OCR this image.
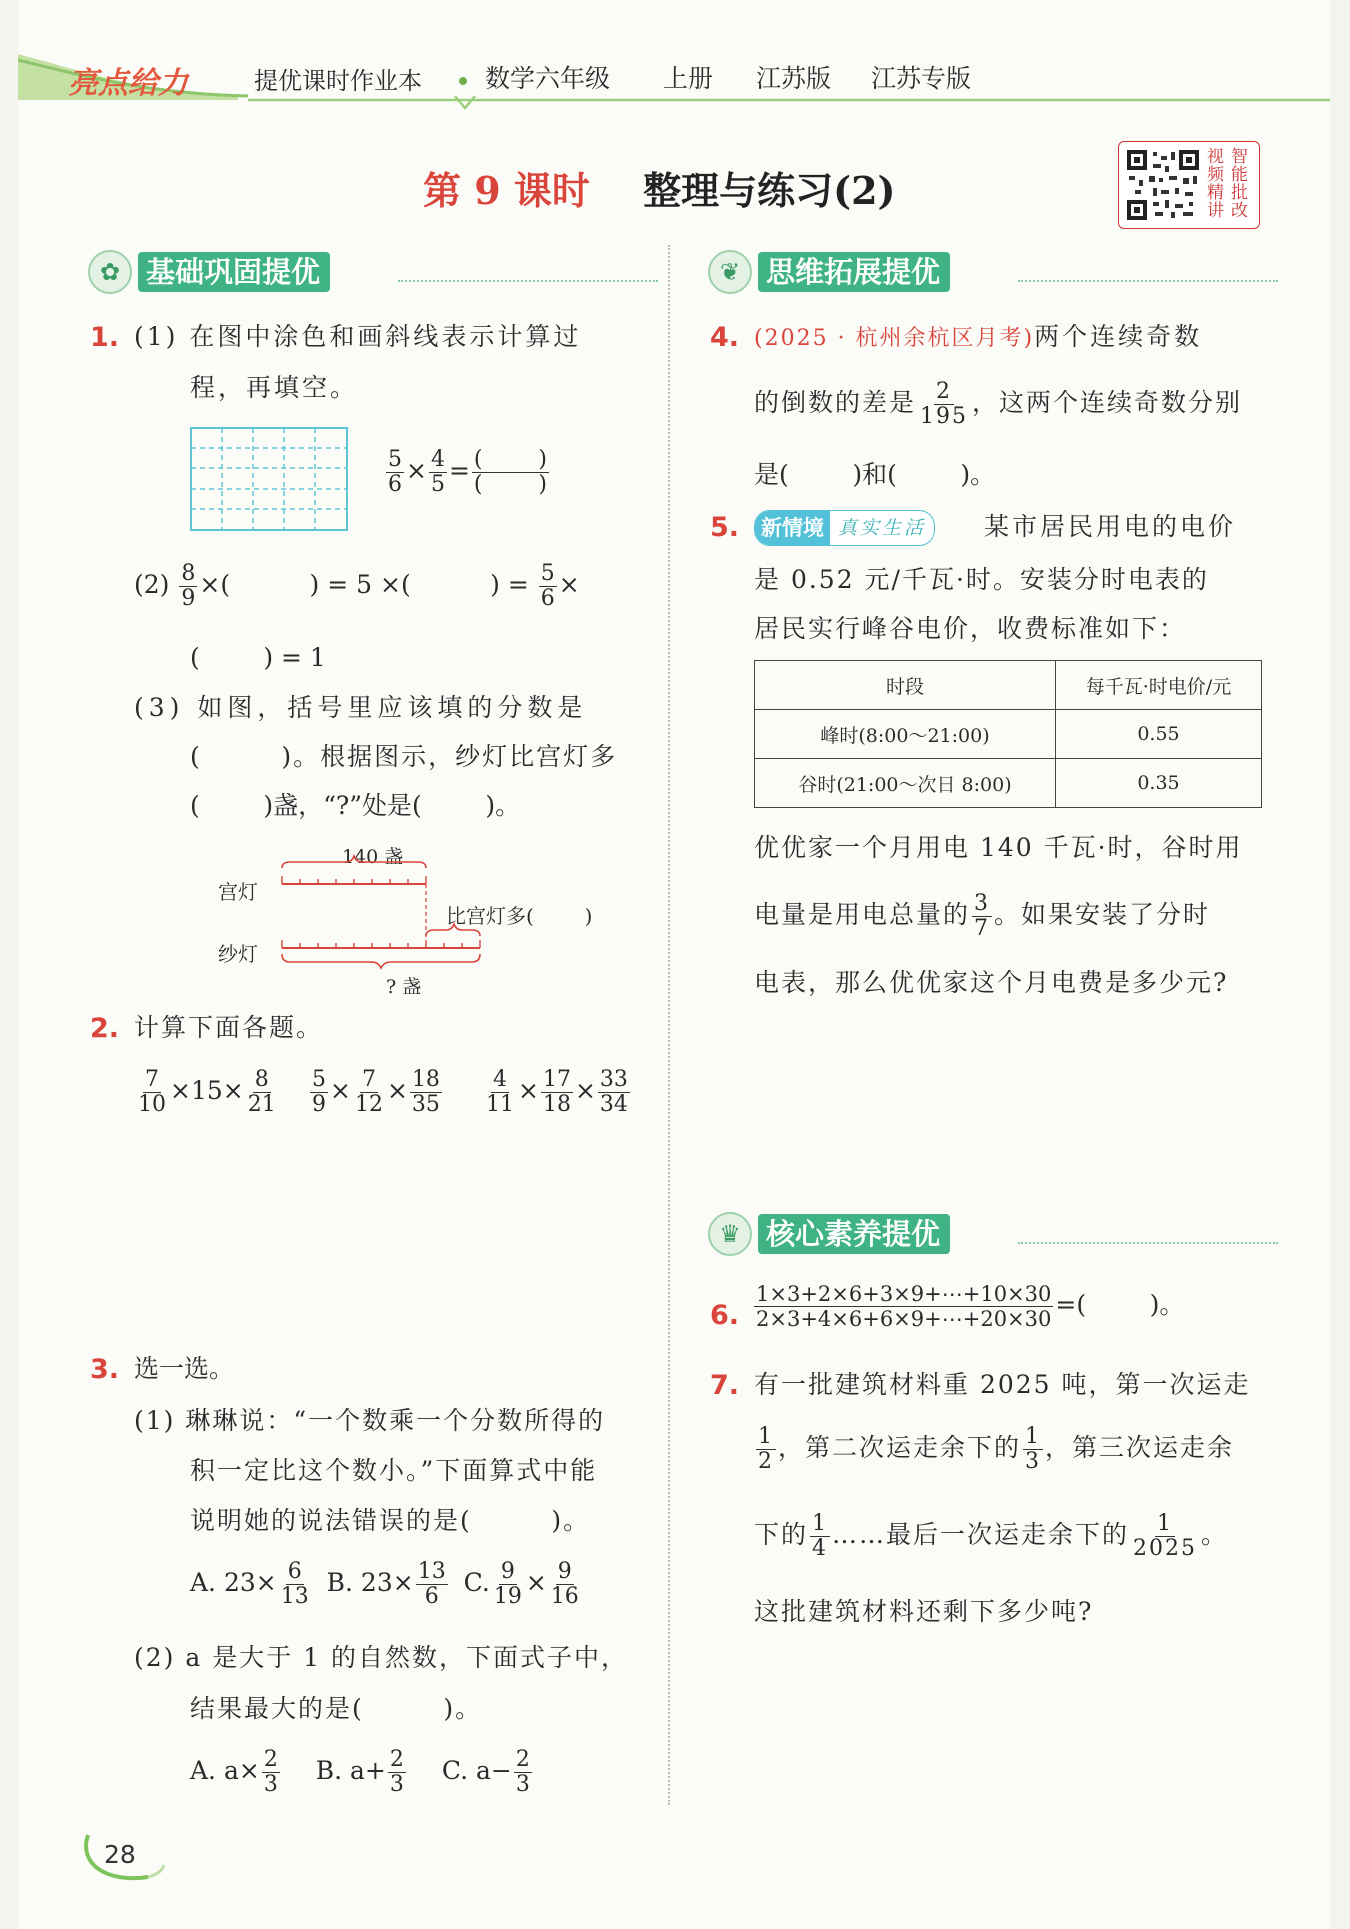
亮点给力	提优课时作业本	数学六年级 上册 江苏版 江苏专版
第 9 课时 整理与练习(2)
视 智
频 能
精 批
讲 改
✿ 基础巩固提优
1. (1) 在图中涂色和画斜线表示计算过
程，再填空。
$\frac{5}{6} \times \frac{4}{5} = \frac{( )}{( )}$
$(2) \frac{8}{9}$ ×(          ) = 5 ×(          ) = $\frac{5}{6}$ ×
(        ) = 1
(3) 如图，括号里应该填的分数是
(        )。根据图示，纱灯比宫灯多
(        )盏，“?”处是(        )。
140 盏
宫灯
纱灯
比宫灯多(        )
? 盏
2. 计算下面各题。
$\frac{7}{10} \times 15\times \frac{8}{21} \frac{5}{9} \times \frac{7}{12} \times \frac{18}{35} \frac{4}{11} \times \frac{17}{18} \times \frac{33}{34}$
3. 选一选。
(1) 琳琳说：“一个数乘一个分数所得的
积一定比这个数小。”下面算式中能
说明她的说法错误的是(        )。
A. $23\times \frac{6}{13} B$. $23\times \frac{13}{6} C$. $\frac{9}{19} \times \frac{9}{16}$
(2) a 是大于 1 的自然数，下面式子中，
结果最大的是(        )。
A. $a\times \frac{2}{3} B$. $a+ \frac{2}{3} C$. $a- \frac{2}{3}$
❦ 思维拓展提优
4. (2025 · 杭州余杭区月考)两个连续奇数
的倒数的差是 $\frac{2}{195}$ ，这两个连续奇数分别
是(        )和(        )。
5. 新情境 真实生活	某市居民用电的电价
是 0.52 元/千瓦·时。安装分时电表的
居民实行峰谷电价，收费标准如下：
时段	每千瓦·时电价/元
峰时(8:00～21:00)	0.55
谷时(21:00～次日 8:00)	0.35
优优家一个月用电 140 千瓦·时，谷时用
电量是用电总量的 $\frac{3}{7}$ 。如果安装了分时
电表，那么优优家这个月电费是多少元?
♛ 核心素养提优
6. $\frac{1\times 3+2\times 6+3\times 9+\cdots+10\times 30}{2\times 3+4\times 6+6\times 9+\cdots+20\times 30}$ =(        )。
7. 有一批建筑材料重 2025 吨，第一次运走
$\frac{1}{2}$ ，第二次运走余下的 $\frac{1}{3}$ ，第三次运走余
下的 $\frac{1}{4}$ ……最后一次运走余下的 $\frac{1}{2025}$ 。
这批建筑材料还剩下多少吨?
28
